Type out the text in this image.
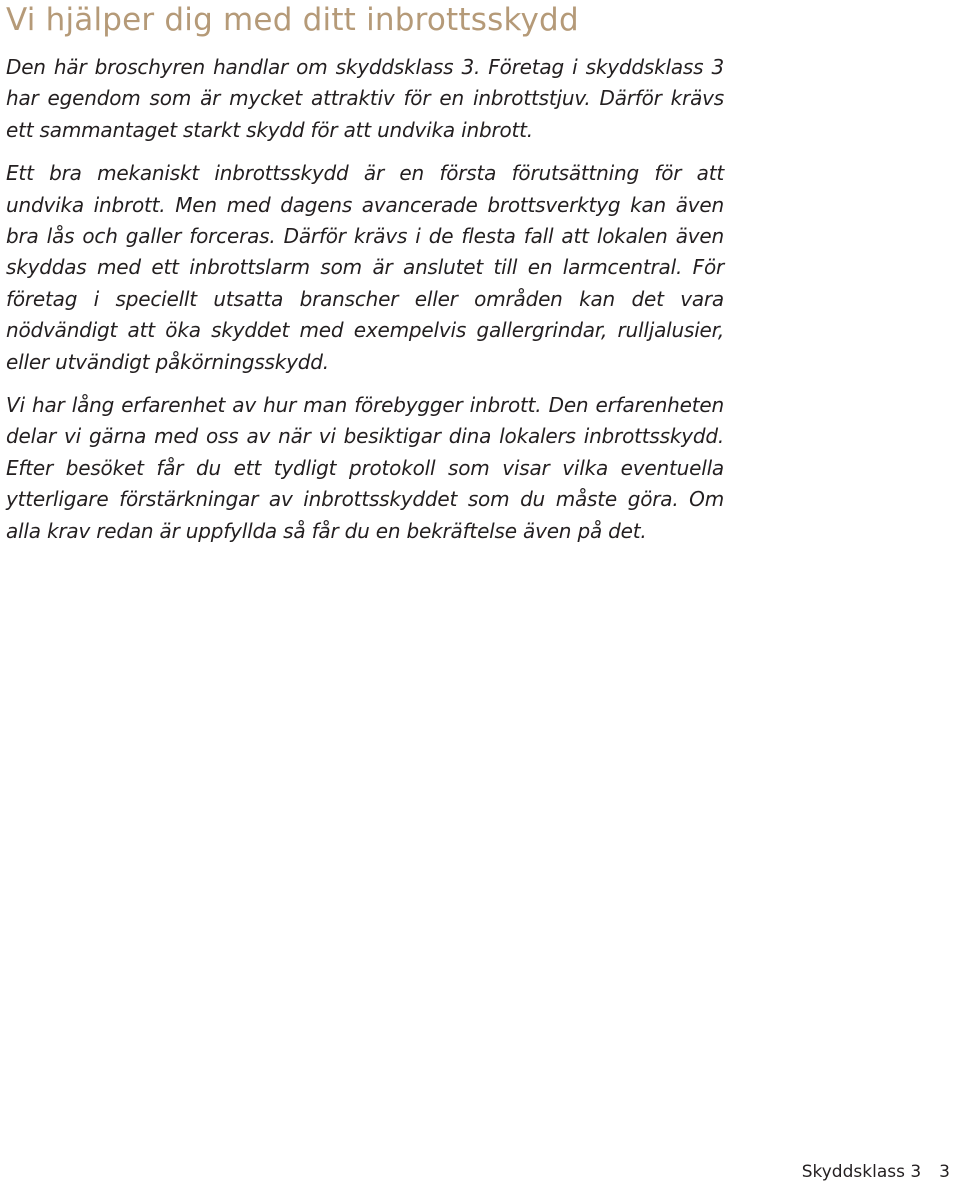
Vi hjälper dig med ditt inbrottsskydd

Den här broschyren handlar om skyddsklass 3. Företag i skyddsklass 3 har egendom som är mycket attraktiv för en inbrottstjuv. Därför krävs ett sammantaget starkt skydd för att undvika inbrott.

Ett bra mekaniskt inbrottsskydd är en första förutsättning för att undvika inbrott. Men med dagens avancerade brottsverktyg kan även bra lås och galler forceras. Därför krävs i de flesta fall att lokalen även skyddas med ett inbrottslarm som är anslutet till en larmcentral. För företag i speciellt utsatta branscher eller områden kan det vara nödvändigt att öka skyddet med exempelvis gallergrindar, rulljalusier, eller utvändigt påkörningsskydd.

Vi har lång erfarenhet av hur man förebygger inbrott. Den erfarenheten delar vi gärna med oss av när vi besiktigar dina lokalers inbrottsskydd. Efter besöket får du ett tydligt protokoll som visar vilka eventuella ytterligare förstärkningar av inbrottsskyddet som du måste göra. Om alla krav redan är uppfyllda så får du en bekräftelse även på det.

Skyddsklass 3 3
